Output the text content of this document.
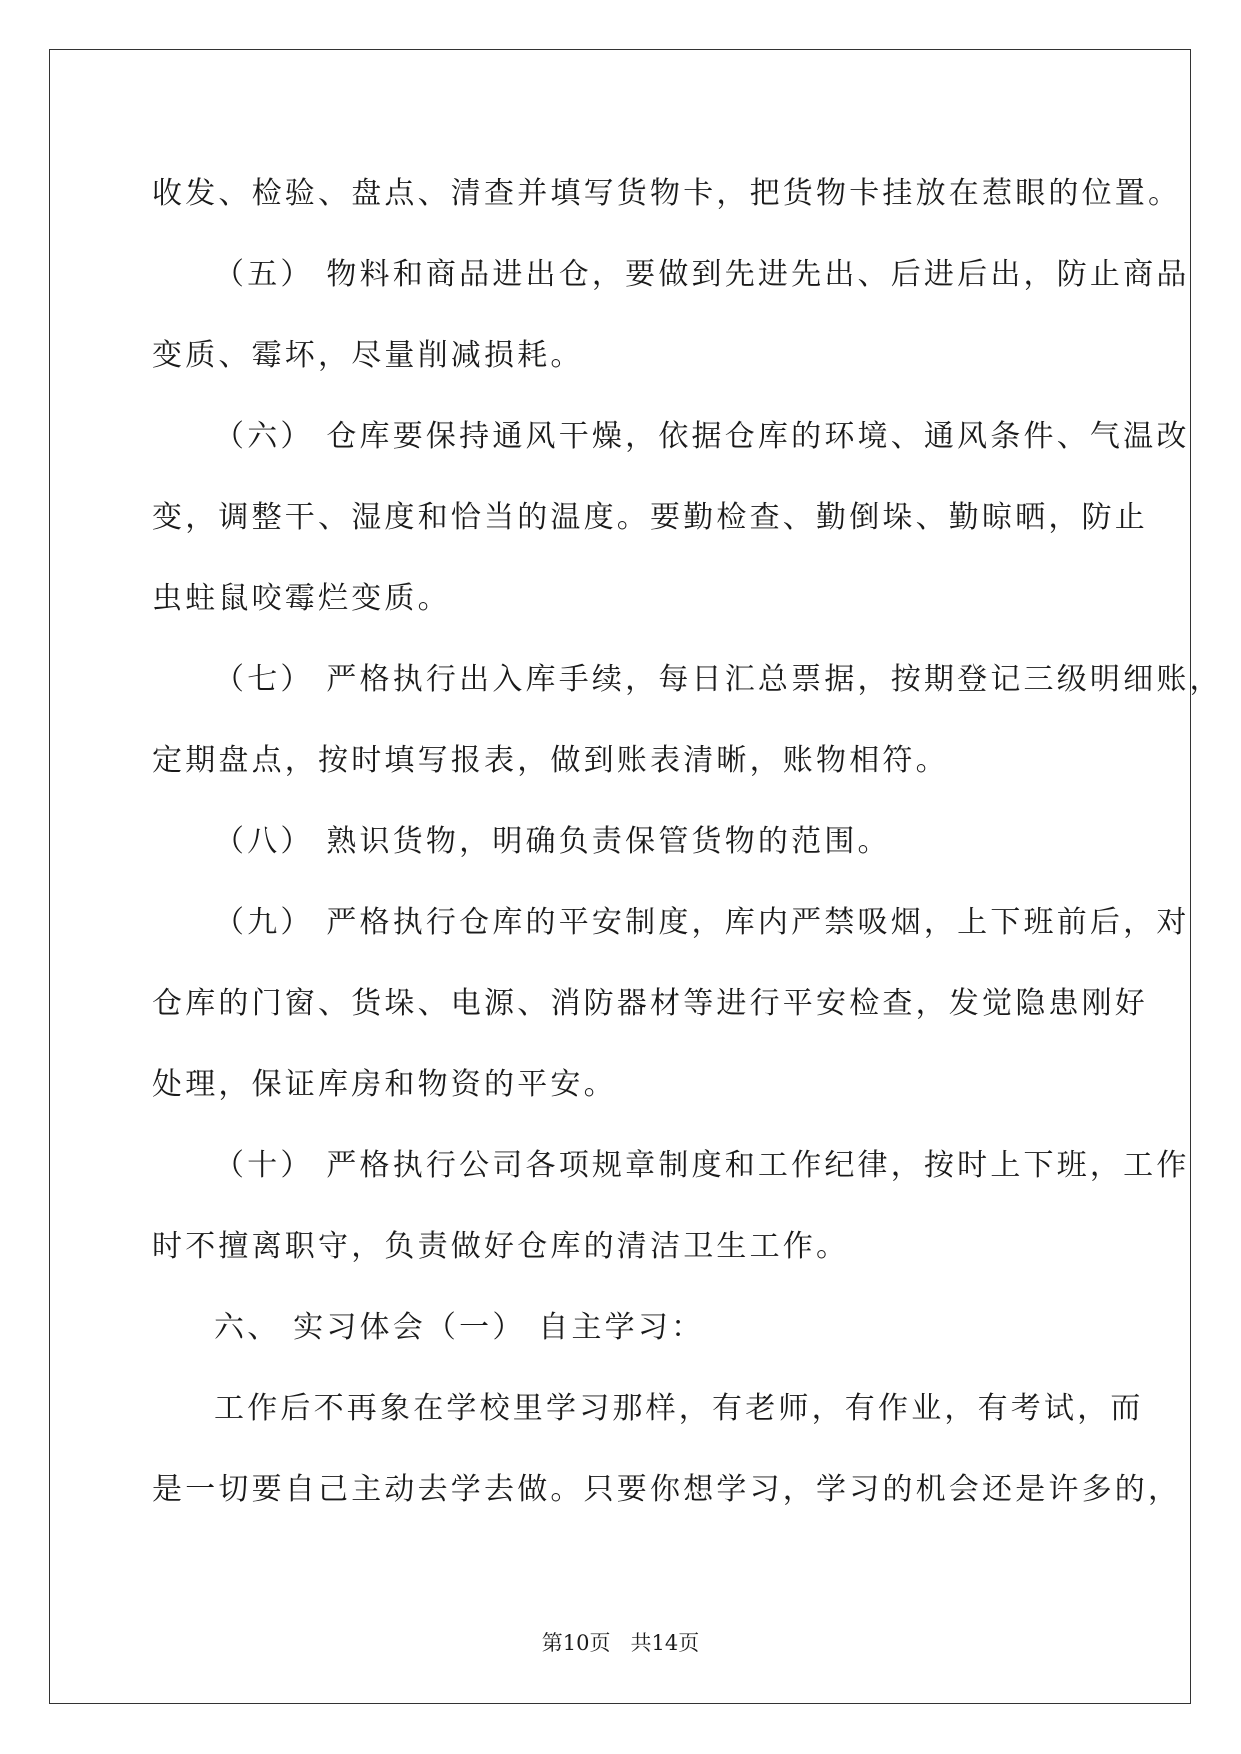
收发、检验、盘点、清查并填写货物卡，把货物卡挂放在惹眼的位置。
（五） 物料和商品进出仓，要做到先进先出、后进后出，防止商品
变质、霉坏，尽量削减损耗。
（六） 仓库要保持通风干燥，依据仓库的环境、通风条件、气温改
变，调整干、湿度和恰当的温度。要勤检查、勤倒垛、勤晾晒，防止
虫蛀鼠咬霉烂变质。
（七） 严格执行出入库手续，每日汇总票据，按期登记三级明细账，
定期盘点，按时填写报表，做到账表清晰，账物相符。
（八） 熟识货物，明确负责保管货物的范围。
（九） 严格执行仓库的平安制度，库内严禁吸烟，上下班前后，对
仓库的门窗、货垛、电源、消防器材等进行平安检查，发觉隐患刚好
处理，保证库房和物资的平安。
（十） 严格执行公司各项规章制度和工作纪律，按时上下班，工作
时不擅离职守，负责做好仓库的清洁卫生工作。
六、 实习体会（一） 自主学习：
工作后不再象在学校里学习那样，有老师，有作业，有考试，而
是一切要自己主动去学去做。只要你想学习，学习的机会还是许多的，
第10页 共14页
